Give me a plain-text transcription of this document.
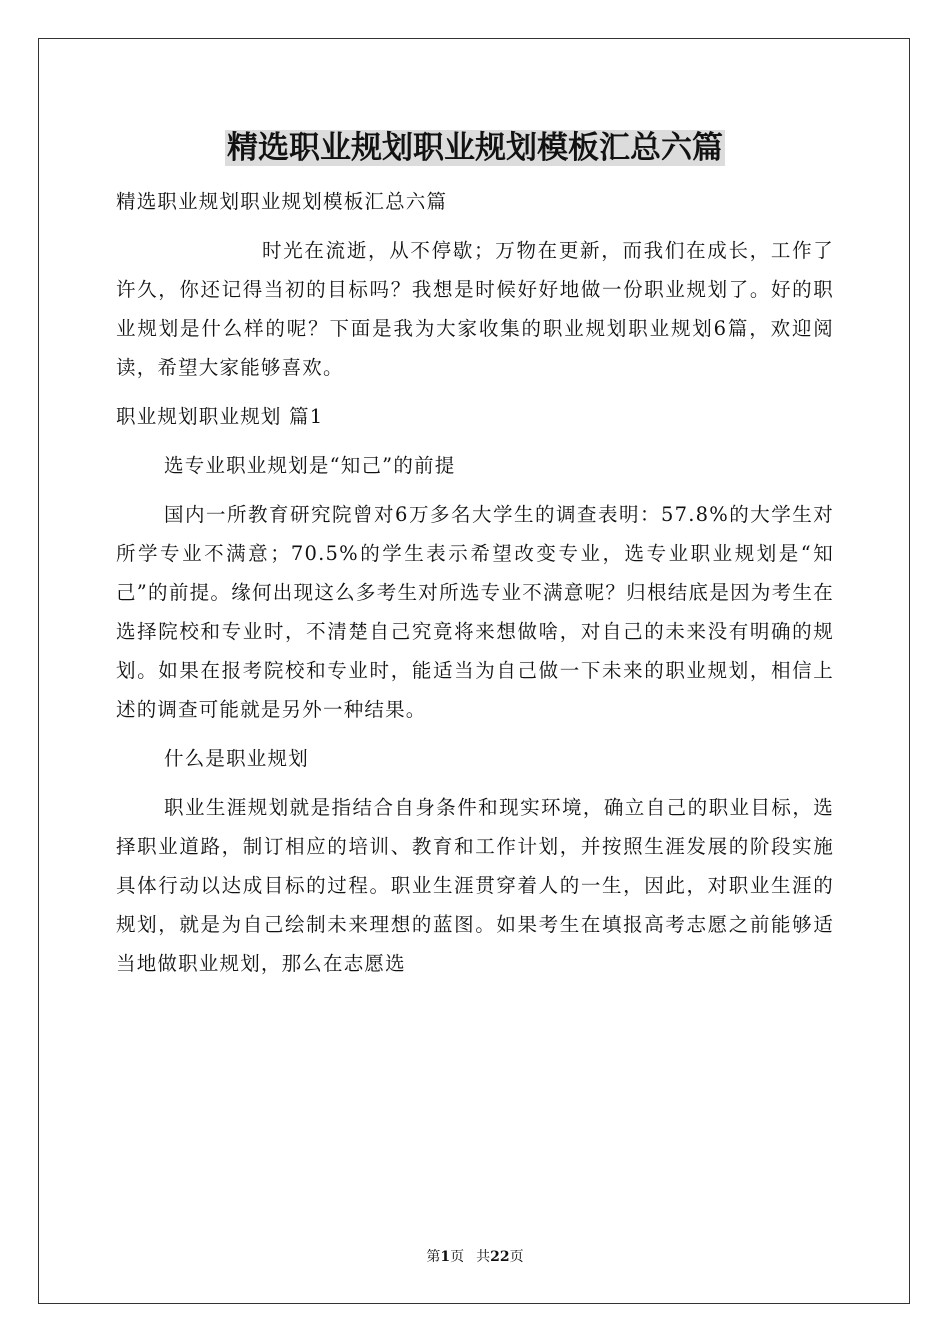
精选职业规划职业规划模板汇总六篇

精选职业规划职业规划模板汇总六篇

时光在流逝，从不停歇；万物在更新，而我们在成长，工作了许久，你还记得当初的目标吗？我想是时候好好地做一份职业规划了。好的职业规划是什么样的呢？下面是我为大家收集的职业规划职业规划6篇，欢迎阅读，希望大家能够喜欢。

职业规划职业规划 篇1

选专业职业规划是“知己”的前提

国内一所教育研究院曾对6万多名大学生的调查表明：57.8%的大学生对所学专业不满意；70.5%的学生表示希望改变专业，选专业职业规划是“知己”的前提。缘何出现这么多考生对所选专业不满意呢？归根结底是因为考生在选择院校和专业时，不清楚自己究竟将来想做啥，对自己的未来没有明确的规划。如果在报考院校和专业时，能适当为自己做一下未来的职业规划，相信上述的调查可能就是另外一种结果。

什么是职业规划

职业生涯规划就是指结合自身条件和现实环境，确立自己的职业目标，选择职业道路，制订相应的培训、教育和工作计划，并按照生涯发展的阶段实施具体行动以达成目标的过程。职业生涯贯穿着人的一生，因此，对职业生涯的规划，就是为自己绘制未来理想的蓝图。如果考生在填报高考志愿之前能够适当地做职业规划，那么在志愿选

第1页 共22页
